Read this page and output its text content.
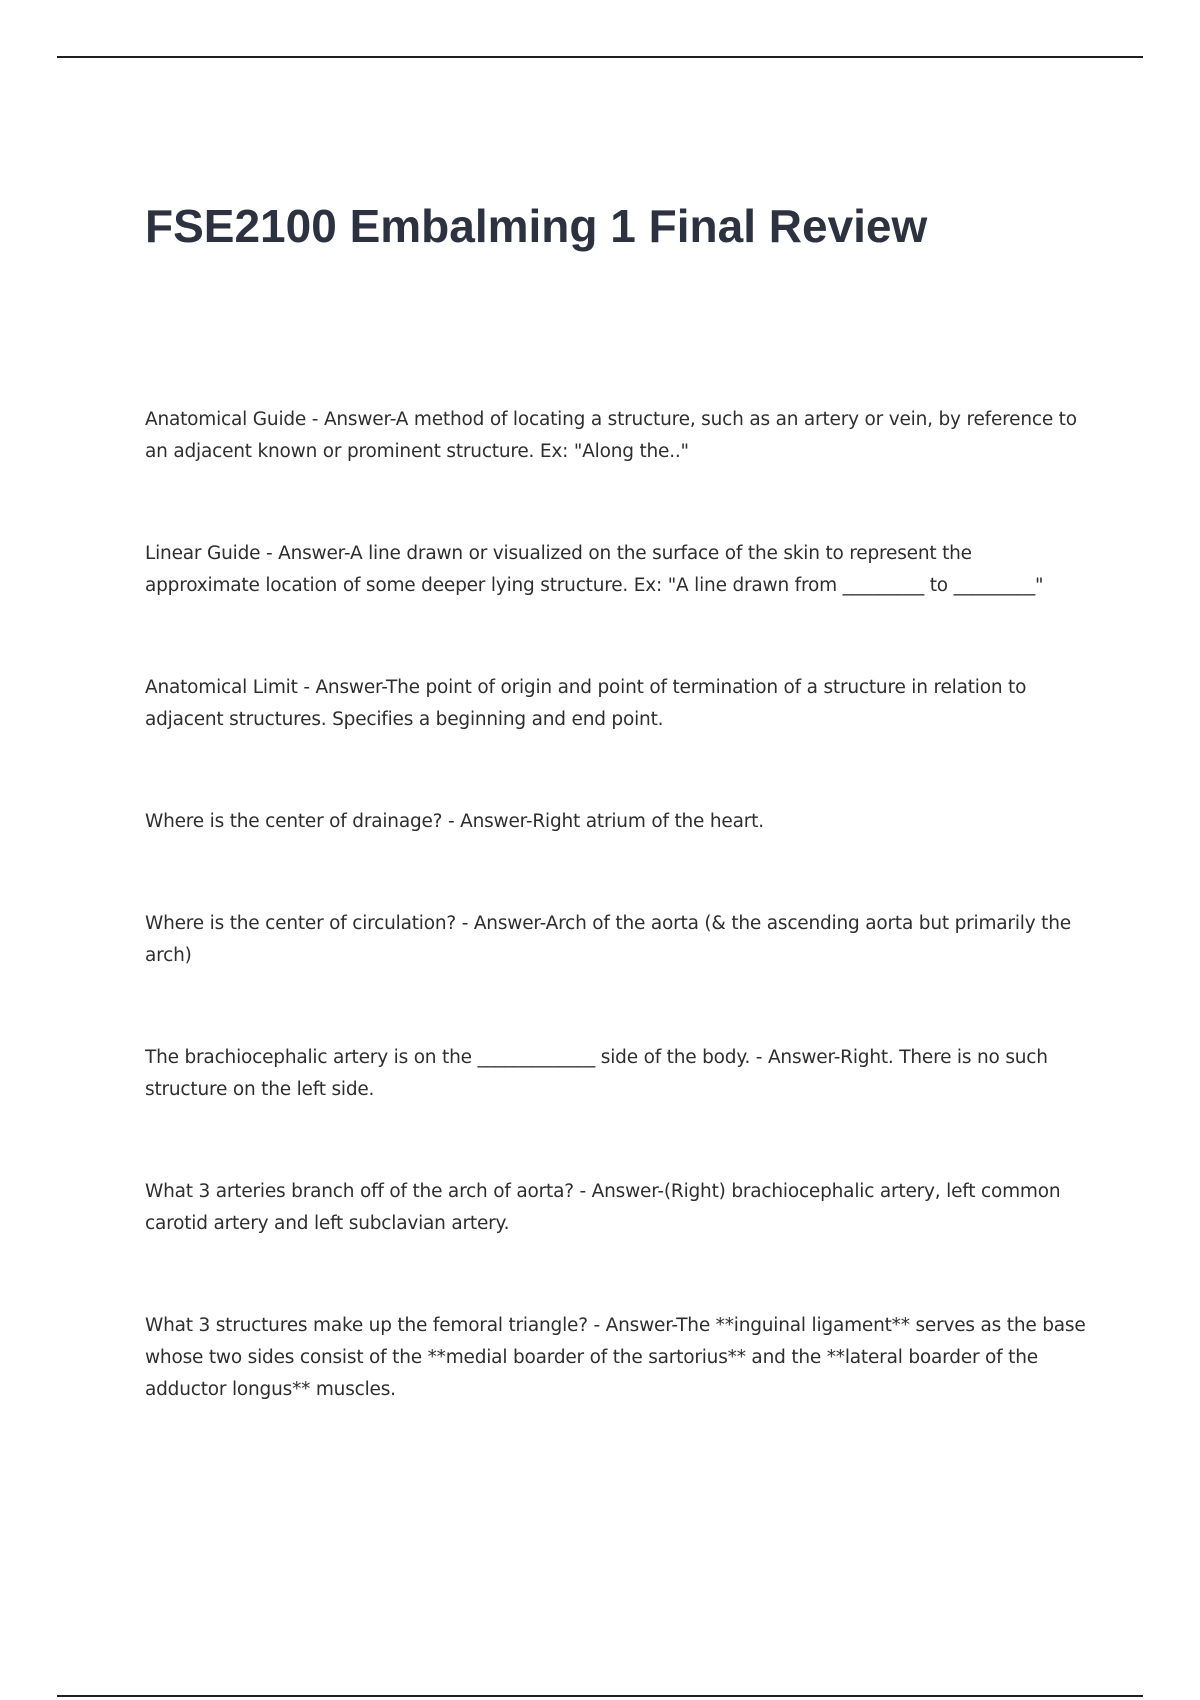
FSE2100 Embalming 1 Final Review

Anatomical Guide - Answer-A method of locating a structure, such as an artery or vein, by reference to an adjacent known or prominent structure. Ex: "Along the.."

Linear Guide - Answer-A line drawn or visualized on the surface of the skin to represent the approximate location of some deeper lying structure. Ex: "A line drawn from _________ to _________"

Anatomical Limit - Answer-The point of origin and point of termination of a structure in relation to adjacent structures. Specifies a beginning and end point.

Where is the center of drainage? - Answer-Right atrium of the heart.

Where is the center of circulation? - Answer-Arch of the aorta (& the ascending aorta but primarily the arch)

The brachiocephalic artery is on the _____________ side of the body. - Answer-Right. There is no such structure on the left side.

What 3 arteries branch off of the arch of aorta? - Answer-(Right) brachiocephalic artery, left common carotid artery and left subclavian artery.

What 3 structures make up the femoral triangle? - Answer-The **inguinal ligament** serves as the base whose two sides consist of the **medial boarder of the sartorius** and the **lateral boarder of the adductor longus** muscles.
